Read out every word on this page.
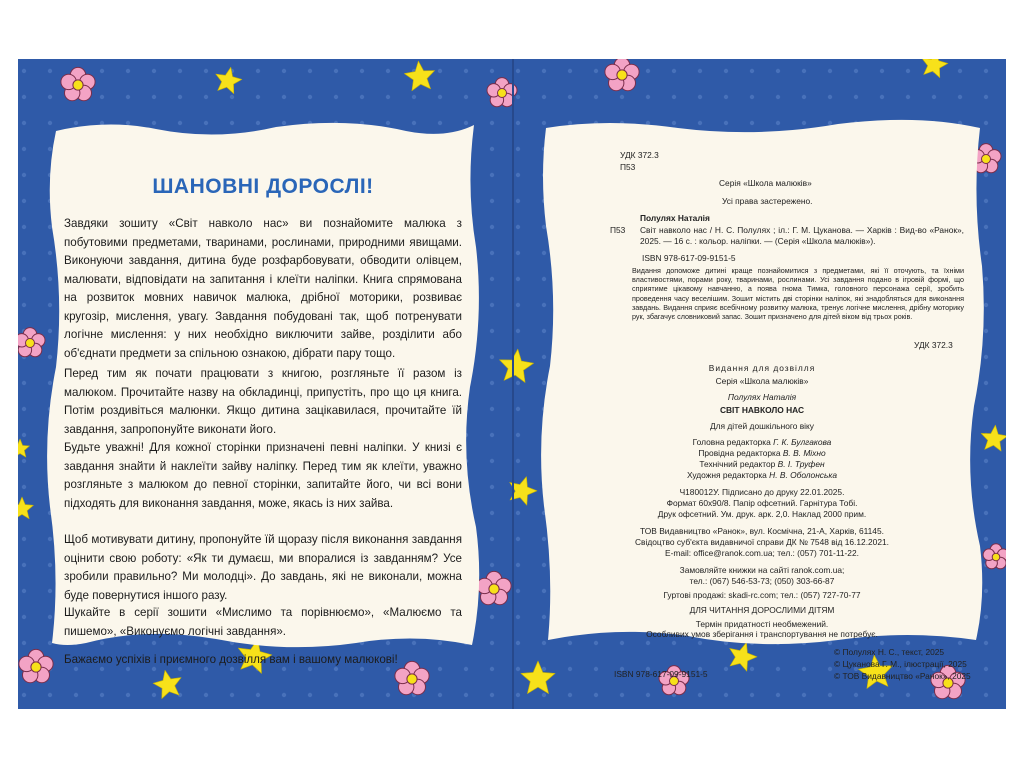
ШАНОВНІ ДОРОСЛІ!

Завдяки зошиту «Світ навколо нас» ви познайомите малюка з побутовими предметами, тваринами, рослинами, природними явищами. Виконуючи завдання, дитина буде розфарбовувати, обводити олівцем, малювати, відповідати на запитання і клеїти наліпки. Книга спрямована на розвиток мовних навичок малюка, дрібної моторики, розвиває кругозір, мислення, увагу. Завдання побудовані так, щоб потренувати логічне мислення: у них необхідно виключити зайве, розділити або об'єднати предмети за спільною ознакою, дібрати пару тощо.

Перед тим як почати працювати з книгою, розгляньте її разом із малюком. Прочитайте назву на обкладинці, припустіть, про що ця книга. Потім роздивіться малюнки. Якщо дитина зацікавилася, прочитайте їй завдання, запропонуйте виконати його.

Будьте уважні! Для кожної сторінки призначені певні наліпки. У книзі є завдання знайти й наклеїти зайву наліпку. Перед тим як клеїти, уважно розгляньте з малюком до певної сторінки, запитайте його, чи всі вони підходять для виконання завдання, може, якась із них зайва.

Щоб мотивувати дитину, пропонуйте їй щоразу після виконання завдання оцінити свою роботу: «Як ти думаєш, ми впоралися із завданням? Усе зробили правильно? Ми молодці». До завдань, які не виконали, можна буде повернутися іншого разу.

Шукайте в серії зошити «Мислимо та порівнюємо», «Малюємо та пишемо», «Виконуємо логічні завдання».

Бажаємо успіхів і приємного дозвілля вам і вашому малюкові!

УДК 372.3

П53

Серія «Школа малюків»

Усі права застережено.

Полулях Наталія

П53 Світ навколо нас / Н. С. Полулях ; іл.: Г. М. Цуканова. — Харків : Вид-во «Ранок», 2025. — 16 с. : кольор. наліпки. — (Серія «Школа малюків»).

ISBN 978-617-09-9151-5

Видання допоможе дитині краще познайомитися з предметами, які її оточують, та їхніми властивостями, порами року, тваринами, рослинами. Усі завдання подано в ігровій формі, що сприятиме цікавому навчанню, а поява гнома Тимка, головного персонажа серії, зробить проведення часу веселішим. Зошит містить дві сторінки наліпок, які знадобляться для виконання завдань. Видання сприяє всебічному розвитку малюка, тренує логічне мислення, дрібну моторику рук, збагачує словниковий запас. Зошит призначено для дітей віком від трьох років.

УДК 372.3

Видання для дозвілля

Серія «Школа малюків»

Полулях Наталія

СВІТ НАВКОЛО НАС

Для дітей дошкільного віку

Головна редакторка Г. К. Булгакова

Провідна редакторка В. В. Міхно

Технічний редактор В. І. Труфен

Художня редакторка Н. В. Оболонська

Ч180012У. Підписано до друку 22.01.2025.

Формат 60х90/8. Папір офсетний. Гарнітура Тобі.

Друк офсетний. Ум. друк. арк. 2,0. Наклад 2000 прим.

ТОВ Видавництво «Ранок», вул. Космічна, 21-А, Харків, 61145.

Свідоцтво суб'єкта видавничої справи ДК № 7548 від 16.12.2021.

E-mail: office@ranok.com.ua; тел.: (057) 701-11-22.

Замовляйте книжки на сайті ranok.com.ua;

тел.: (067) 546-53-73; (050) 303-66-87

Гуртові продажі: skadi-rc.com; тел.: (057) 727-70-77

ДЛЯ ЧИТАННЯ ДОРОСЛИМИ ДІТЯМ

Термін придатності необмежений.

Особливих умов зберігання і транспортування не потребує.

ISBN 978-617-09-9151-5

© Полулях Н. С., текст, 2025

© Цуканова Г. М., ілюстрації, 2025

© ТОВ Видавництво «Ранок», 2025
